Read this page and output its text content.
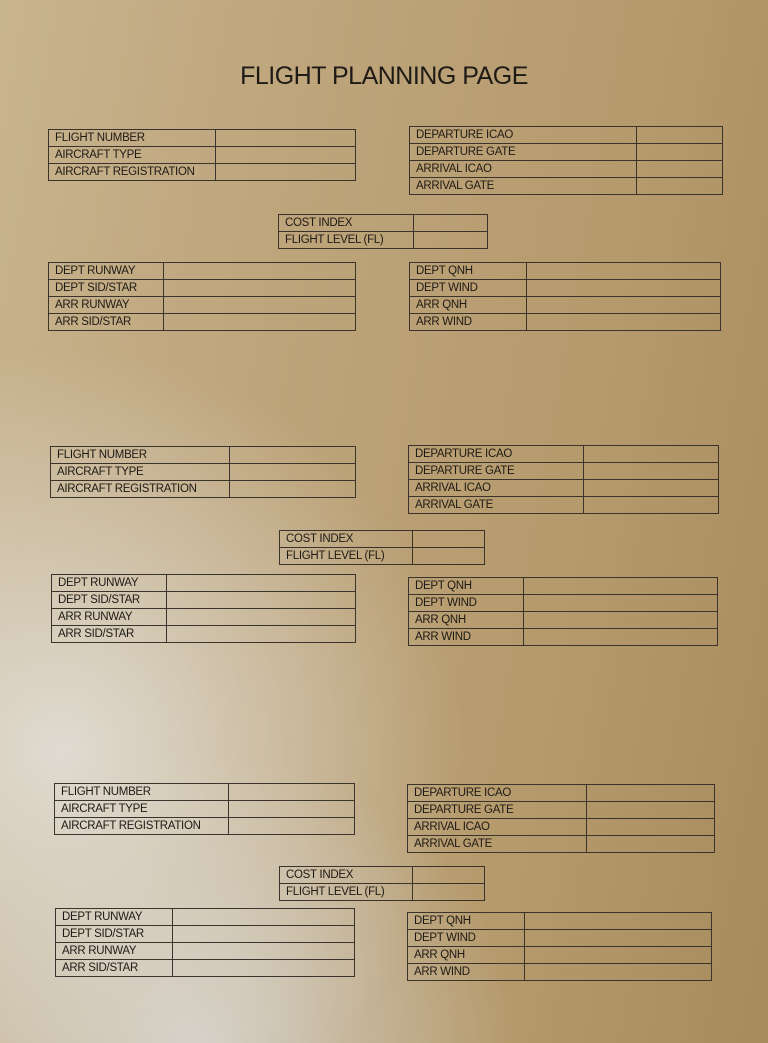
FLIGHT PLANNING PAGE
FLIGHT NUMBER	
AIRCRAFT TYPE	
AIRCRAFT REGISTRATION	
DEPARTURE ICAO	
DEPARTURE GATE	
ARRIVAL ICAO	
ARRIVAL GATE	
COST INDEX	
FLIGHT LEVEL (FL)	
DEPT RUNWAY	
DEPT SID/STAR	
ARR RUNWAY	
ARR SID/STAR	
DEPT QNH	
DEPT WIND	
ARR QNH	
ARR WIND	
FLIGHT NUMBER	
AIRCRAFT TYPE	
AIRCRAFT REGISTRATION	
DEPARTURE ICAO	
DEPARTURE GATE	
ARRIVAL ICAO	
ARRIVAL GATE	
COST INDEX	
FLIGHT LEVEL (FL)	
DEPT RUNWAY	
DEPT SID/STAR	
ARR RUNWAY	
ARR SID/STAR	
DEPT QNH	
DEPT WIND	
ARR QNH	
ARR WIND	
FLIGHT NUMBER	
AIRCRAFT TYPE	
AIRCRAFT REGISTRATION	
DEPARTURE ICAO	
DEPARTURE GATE	
ARRIVAL ICAO	
ARRIVAL GATE	
COST INDEX	
FLIGHT LEVEL (FL)	
DEPT RUNWAY	
DEPT SID/STAR	
ARR RUNWAY	
ARR SID/STAR	
DEPT QNH	
DEPT WIND	
ARR QNH	
ARR WIND	
